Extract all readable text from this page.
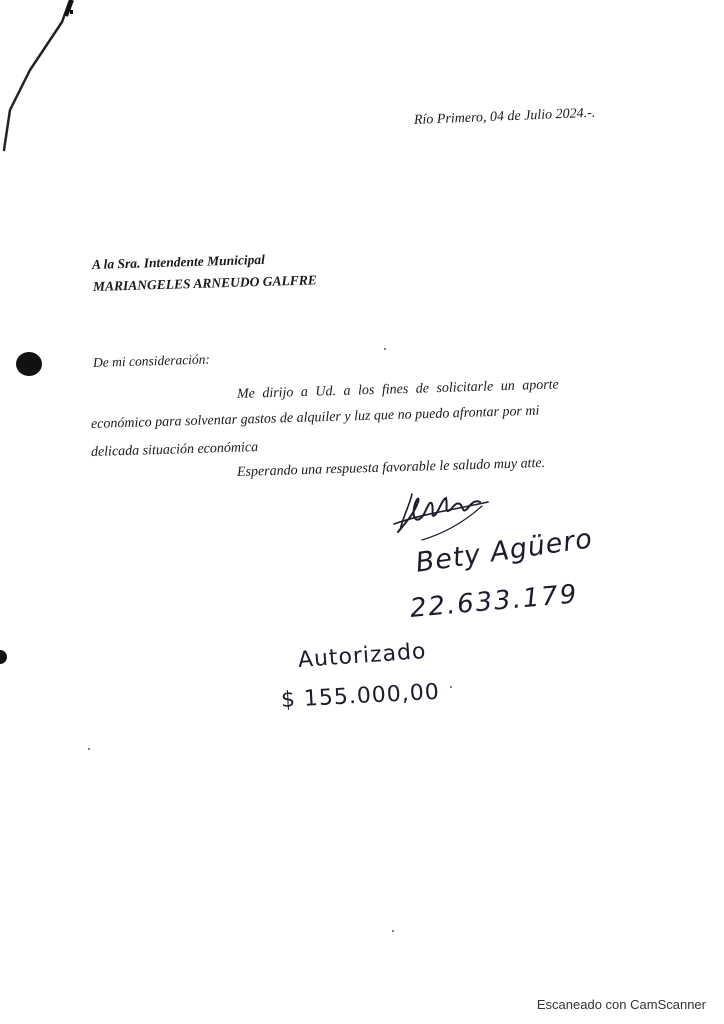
Río Primero, 04 de Julio 2024.-.
A la Sra. Intendente Municipal
MARIANGELES ARNEUDO GALFRE
De mi consideración:
Me dirijo a Ud. a los fines de solicitarle un aporte
económico para solventar gastos de alquiler y luz que no puedo afrontar por mi
delicada situación económica
Esperando una respuesta favorable le saludo muy atte.
Bety Agüero
22.633.179
Autorizado
$ 155.000,00
Escaneado con CamScanner
